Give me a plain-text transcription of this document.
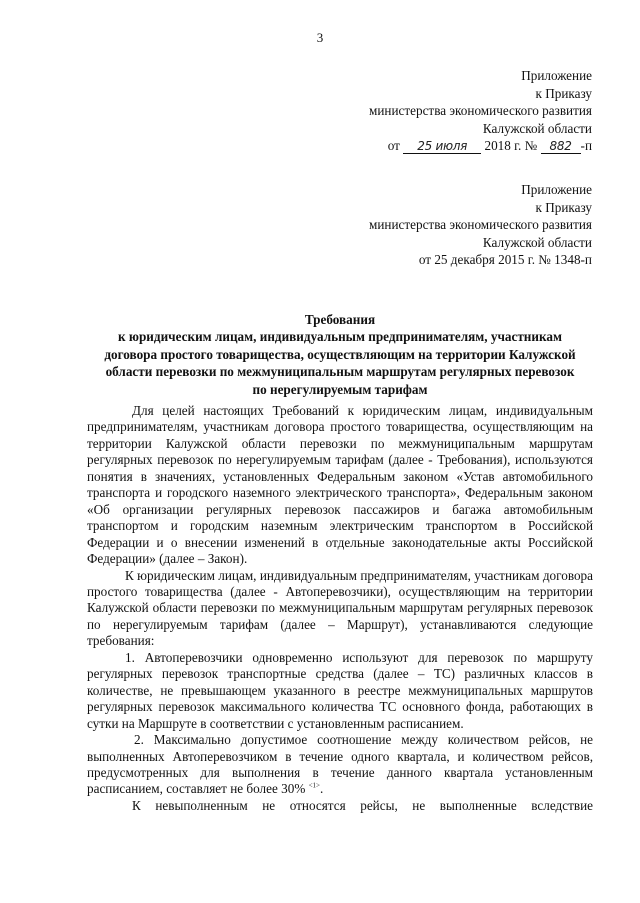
3
Приложение
к Приказу
министерства экономического развития
Калужской области
от 25 июля 2018 г. № 882 -п
Приложение
к Приказу
министерства экономического развития
Калужской области
от 25 декабря 2015 г. № 1348-п
Требования
к юридическим лицам, индивидуальным предпринимателям, участникам
договора простого товарищества, осуществляющим на территории Калужской
области перевозки по межмуниципальным маршрутам регулярных перевозок
по нерегулируемым тарифам

Для целей настоящих Требований к юридическим лицам, индивидуальным предпринимателям, участникам договора простого товарищества, осуществляющим на территории Калужской области перевозки по межмуниципальным маршрутам регулярных перевозок по нерегулируемым тарифам (далее - Требования), используются понятия в значениях, установленных Федеральным законом «Устав автомобильного транспорта и городского наземного электрического транспорта», Федеральным законом «Об организации регулярных перевозок пассажиров и багажа автомобильным транспортом и городским наземным электрическим транспортом в Российской Федерации и о внесении изменений в отдельные законодательные акты Российской Федерации» (далее – Закон).

К юридическим лицам, индивидуальным предпринимателям, участникам договора простого товарищества (далее - Автоперевозчики), осуществляющим на территории Калужской области перевозки по межмуниципальным маршрутам регулярных перевозок по нерегулируемым тарифам (далее – Маршрут), устанавливаются следующие требования:

1. Автоперевозчики одновременно используют для перевозок по маршруту регулярных перевозок транспортные средства (далее – ТС) различных классов в количестве, не превышающем указанного в реестре межмуниципальных маршрутов регулярных перевозок максимального количества ТС основного фонда, работающих в сутки на Маршруте в соответствии с установленным расписанием.

2. Максимально допустимое соотношение между количеством рейсов, не выполненных Автоперевозчиком в течение одного квартала, и количеством рейсов, предусмотренных для выполнения в течение данного квартала установленным расписанием, составляет не более 30% $^{<1>}$.

К невыполненным не относятся рейсы, не выполненные вследствие
